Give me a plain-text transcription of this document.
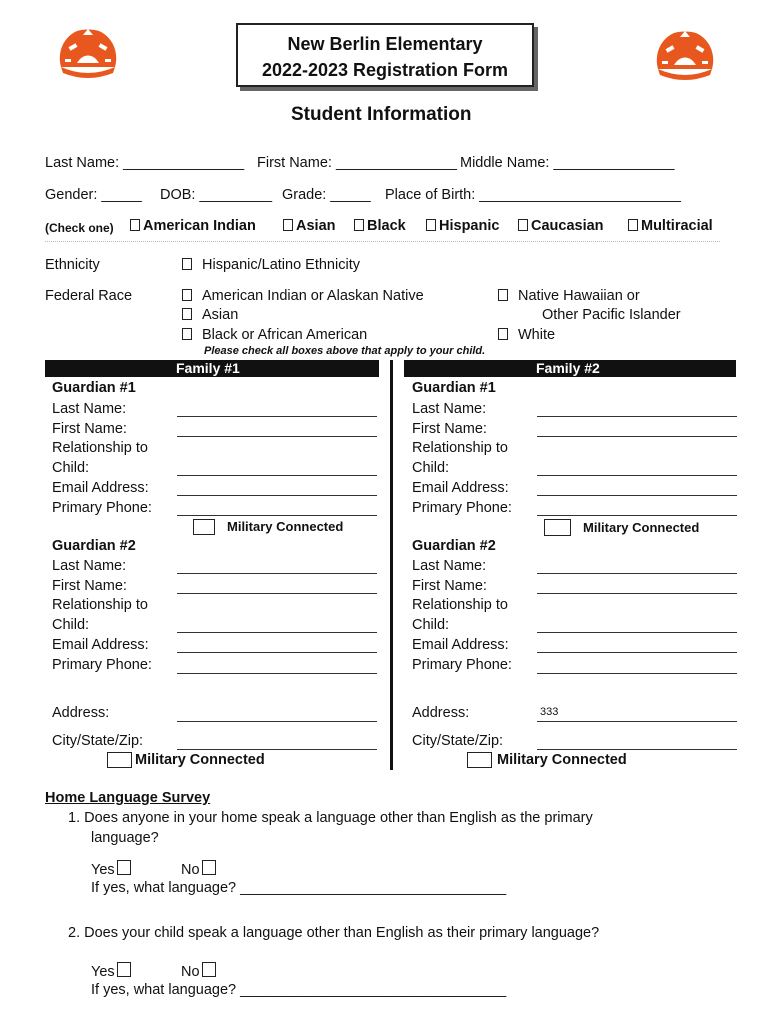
New Berlin Elementary
2022-2023 Registration Form
Student Information
Last Name: _______________ First Name: _______________ Middle Name: _______________
Gender: _____ DOB: _________ Grade: _____ Place of Birth: _________________________
(Check one)	American Indian	Asian	Black	Hispanic	Caucasian	Multiracial
Ethnicity	Hispanic/Latino Ethnicity
Federal Race	American Indian or Alaskan Native
Asian
Black or African American
Native Hawaiian or
Other Pacific Islander
White
Please check all boxes above that apply to your child.
Family #1	Family #2
Guardian #1
Last Name:
First Name:
Relationship to
Child:
Email Address:
Primary Phone:
Military Connected
Guardian #2
Last Name:
First Name:
Relationship to
Child:
Email Address:
Primary Phone:
Address:
City/State/Zip:
Military Connected
Guardian #1
Last Name:
First Name:
Relationship to
Child:
Email Address:
Primary Phone:
Military Connected
Guardian #2
Last Name:
First Name:
Relationship to
Child:
Email Address:
Primary Phone:
Address:	333
City/State/Zip:
Military Connected
Home Language Survey
1. Does anyone in your home speak a language other than English as the primary
language?
Yes	No
If yes, what language? _________________________________
2. Does your child speak a language other than English as their primary language?
Yes	No
If yes, what language? _________________________________
